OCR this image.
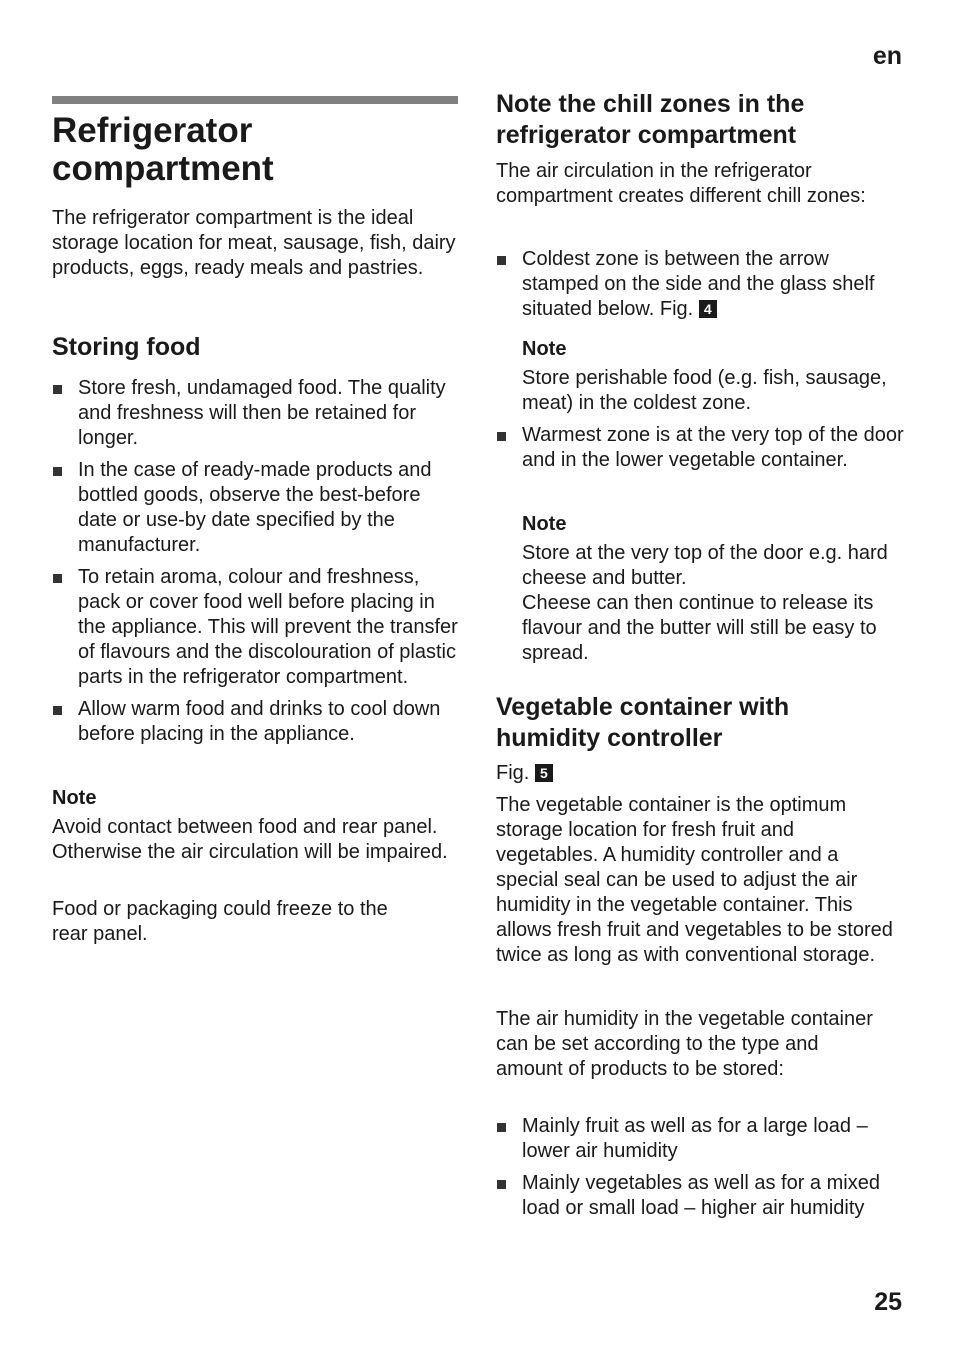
en
Refrigerator compartment

The refrigerator compartment is the ideal storage location for meat, sausage, fish, dairy products, eggs, ready meals and pastries.

Storing food
Store fresh, undamaged food. The quality and freshness will then be retained for longer.
In the case of ready-made products and bottled goods, observe the best-before date or use-by date specified by the manufacturer.
To retain aroma, colour and freshness, pack or cover food well before placing in the appliance. This will prevent the transfer of flavours and the discolouration of plastic parts in the refrigerator compartment.
Allow warm food and drinks to cool down before placing in the appliance.

Note

Avoid contact between food and rear panel. Otherwise the air circulation will be impaired.

Food or packaging could freeze to the rear panel.

Note the chill zones in the refrigerator compartment

The air circulation in the refrigerator compartment creates different chill zones:

Coldest zone is between the arrow stamped on the side and the glass shelf situated below. Fig. 4

Note

Store perishable food (e.g. fish, sausage, meat) in the coldest zone.

Warmest zone is at the very top of the door and in the lower vegetable container.

Note

Store at the very top of the door e.g. hard cheese and butter.

Cheese can then continue to release its flavour and the butter will still be easy to spread.

Vegetable container with humidity controller

Fig. 5

The vegetable container is the optimum storage location for fresh fruit and vegetables. A humidity controller and a special seal can be used to adjust the air humidity in the vegetable container. This allows fresh fruit and vegetables to be stored twice as long as with conventional storage.

The air humidity in the vegetable container can be set according to the type and amount of products to be stored:

Mainly fruit as well as for a large load – lower air humidity
Mainly vegetables as well as for a mixed load or small load – higher air humidity
25
